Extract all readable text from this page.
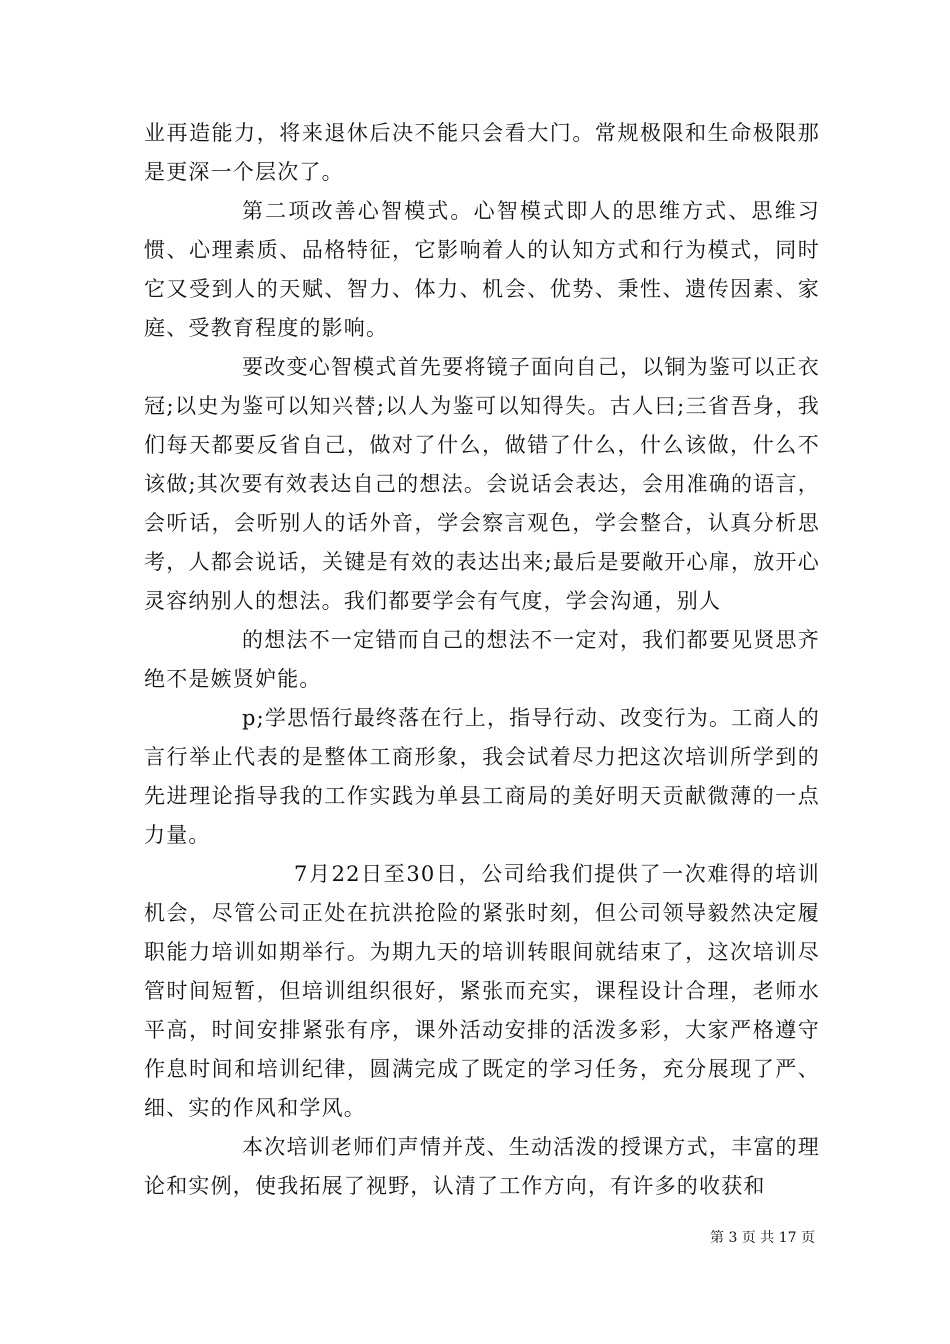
业再造能力，将来退休后决不能只会看大门。常规极限和生命极限那是更深一个层次了。

第二项改善心智模式。心智模式即人的思维方式、思维习惯、心理素质、品格特征，它影响着人的认知方式和行为模式，同时它又受到人的天赋、智力、体力、机会、优势、秉性、遗传因素、家庭、受教育程度的影响。

要改变心智模式首先要将镜子面向自己，以铜为鉴可以正衣冠;以史为鉴可以知兴替;以人为鉴可以知得失。古人曰;三省吾身，我们每天都要反省自己，做对了什么，做错了什么，什么该做，什么不该做;其次要有效表达自己的想法。会说话会表达，会用准确的语言，会听话，会听别人的话外音，学会察言观色，学会整合，认真分析思考，人都会说话，关键是有效的表达出来;最后是要敞开心扉，放开心灵容纳别人的想法。我们都要学会有气度，学会沟通，别人

的想法不一定错而自己的想法不一定对，我们都要见贤思齐绝不是嫉贤妒能。

p;学思悟行最终落在行上，指导行动、改变行为。工商人的言行举止代表的是整体工商形象，我会试着尽力把这次培训所学到的先进理论指导我的工作实践为单县工商局的美好明天贡献微薄的一点力量。

7月22日至30日，公司给我们提供了一次难得的培训机会，尽管公司正处在抗洪抢险的紧张时刻，但公司领导毅然决定履职能力培训如期举行。为期九天的培训转眼间就结束了，这次培训尽管时间短暂，但培训组织很好，紧张而充实，课程设计合理，老师水平高，时间安排紧张有序，课外活动安排的活泼多彩，大家严格遵守作息时间和培训纪律，圆满完成了既定的学习任务，充分展现了严、细、实的作风和学风。

本次培训老师们声情并茂、生动活泼的授课方式，丰富的理论和实例，使我拓展了视野，认清了工作方向，有许多的收获和

第 3 页 共 17 页
